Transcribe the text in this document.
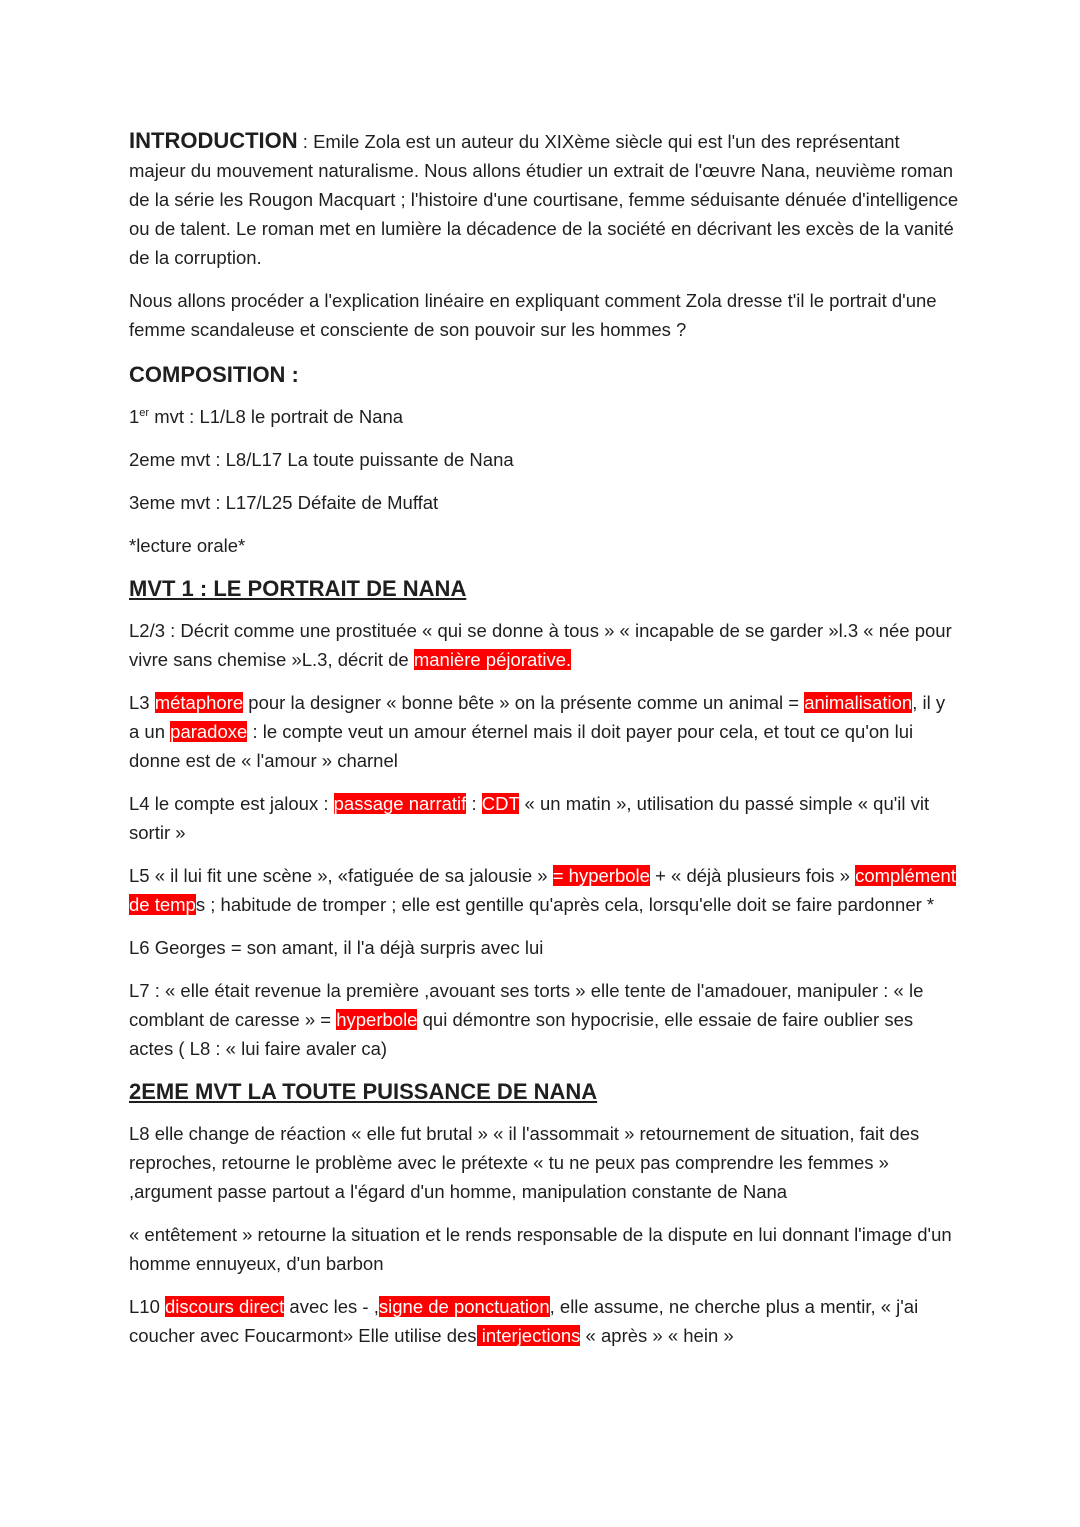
INTRODUCTION : Emile Zola est un auteur du XIXème siècle qui est l'un des représentant majeur du mouvement naturalisme. Nous allons étudier un extrait de l'œuvre Nana, neuvième roman de la série les Rougon Macquart ; l'histoire d'une courtisane, femme séduisante dénuée d'intelligence ou de talent. Le roman met en lumière la décadence de la société en décrivant les excès de la vanité de la corruption.

Nous allons procéder a l'explication linéaire en expliquant comment Zola dresse t'il le portrait d'une femme scandaleuse et consciente de son pouvoir sur les hommes ?

COMPOSITION :

1er mvt : L1/L8 le portrait de Nana

2eme mvt : L8/L17 La toute puissante de Nana

3eme mvt : L17/L25 Défaite de Muffat

*lecture orale*

MVT 1 : LE PORTRAIT DE NANA

L2/3 : Décrit comme une prostituée « qui se donne à tous » « incapable de se garder »l.3 « née pour vivre sans chemise »L.3, décrit de manière péjorative.

L3 métaphore pour la designer « bonne bête » on la présente comme un animal = animalisation, il y a un paradoxe : le compte veut un amour éternel mais il doit payer pour cela, et tout ce qu'on lui donne est de « l'amour » charnel

L4 le compte est jaloux : passage narratif : CDT « un matin », utilisation du passé simple « qu'il vit sortir »

L5 « il lui fit une scène », «fatiguée de sa jalousie » = hyperbole + « déjà plusieurs fois » complément de temps ; habitude de tromper ; elle est gentille qu'après cela, lorsqu'elle doit se faire pardonner *

L6 Georges = son amant, il l'a déjà surpris avec lui

L7 : « elle était revenue la première ,avouant ses torts » elle tente de l'amadouer, manipuler : « le comblant de caresse » = hyperbole qui démontre son hypocrisie, elle essaie de faire oublier ses actes ( L8 : « lui faire avaler ca)

2EME MVT LA TOUTE PUISSANCE DE NANA

L8 elle change de réaction « elle fut brutal » « il l'assommait » retournement de situation, fait des reproches, retourne le problème avec le prétexte « tu ne peux pas comprendre les femmes » ,argument passe partout a l'égard d'un homme, manipulation constante de Nana

« entêtement » retourne la situation et le rends responsable de la dispute en lui donnant l'image d'un homme ennuyeux, d'un barbon

L10 discours direct avec les - ,signe de ponctuation, elle assume, ne cherche plus a mentir, « j'ai coucher avec Foucarmont» Elle utilise des interjections « après » « hein »
